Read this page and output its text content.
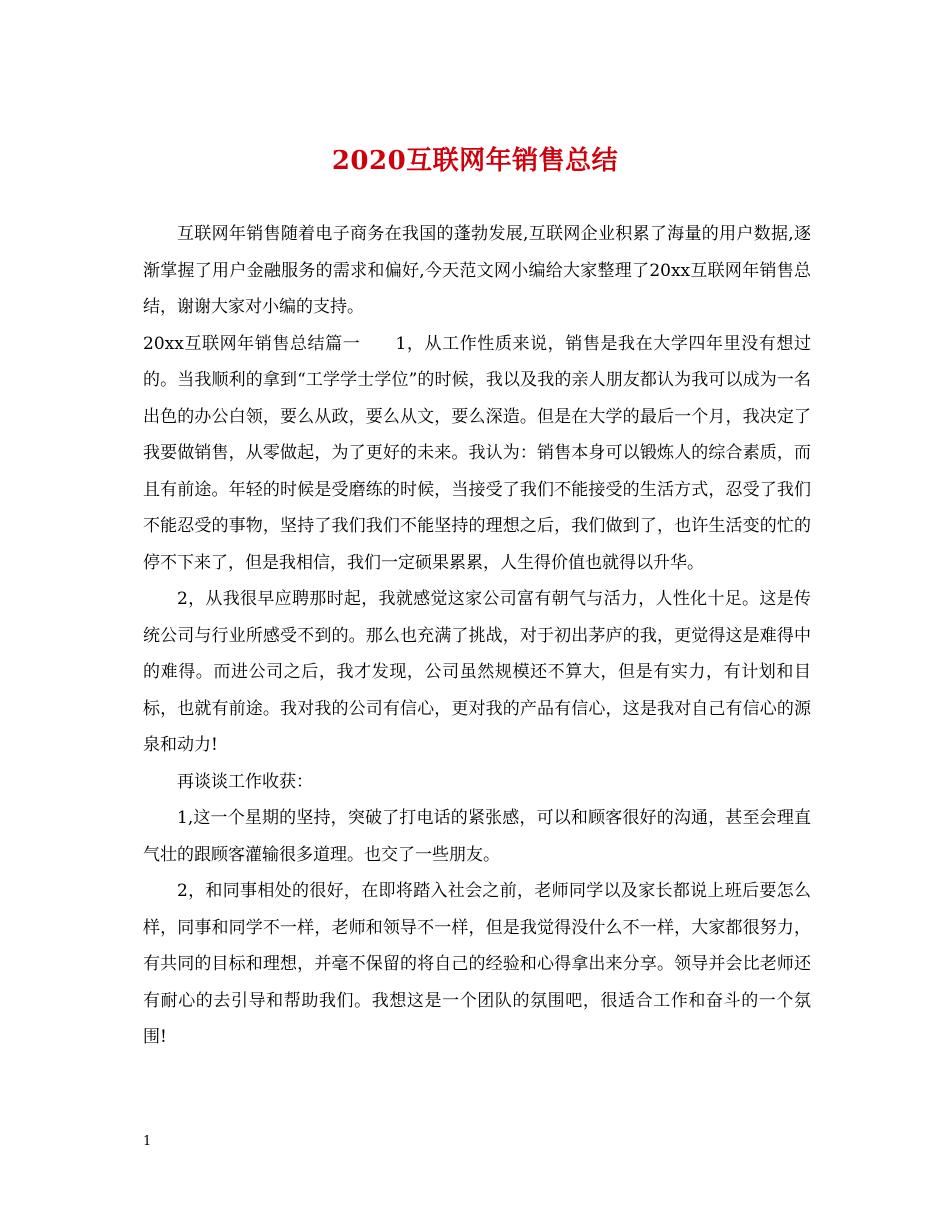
2020互联网年销售总结

互联网年销售随着电子商务在我国的蓬勃发展,互联网企业积累了海量的用户数据,逐渐掌握了用户金融服务的需求和偏好,今天范文网小编给大家整理了20xx互联网年销售总结，谢谢大家对小编的支持。

20xx互联网年销售总结篇一　　1，从工作性质来说，销售是我在大学四年里没有想过的。当我顺利的拿到“工学学士学位”的时候，我以及我的亲人朋友都认为我可以成为一名出色的办公白领，要么从政，要么从文，要么深造。但是在大学的最后一个月，我决定了我要做销售，从零做起，为了更好的未来。我认为：销售本身可以锻炼人的综合素质，而且有前途。年轻的时候是受磨练的时候，当接受了我们不能接受的生活方式，忍受了我们不能忍受的事物，坚持了我们我们不能坚持的理想之后，我们做到了，也许生活变的忙的停不下来了，但是我相信，我们一定硕果累累，人生得价值也就得以升华。

2，从我很早应聘那时起，我就感觉这家公司富有朝气与活力，人性化十足。这是传统公司与行业所感受不到的。那么也充满了挑战，对于初出茅庐的我，更觉得这是难得中的难得。而进公司之后，我才发现，公司虽然规模还不算大，但是有实力，有计划和目标，也就有前途。我对我的公司有信心，更对我的产品有信心，这是我对自己有信心的源泉和动力!

再谈谈工作收获：

1,这一个星期的坚持，突破了打电话的紧张感，可以和顾客很好的沟通，甚至会理直气壮的跟顾客灌输很多道理。也交了一些朋友。

2，和同事相处的很好，在即将踏入社会之前，老师同学以及家长都说上班后要怎么样，同事和同学不一样，老师和领导不一样，但是我觉得没什么不一样，大家都很努力，有共同的目标和理想，并毫不保留的将自己的经验和心得拿出来分享。领导并会比老师还有耐心的去引导和帮助我们。我想这是一个团队的氛围吧，很适合工作和奋斗的一个氛围!

1
